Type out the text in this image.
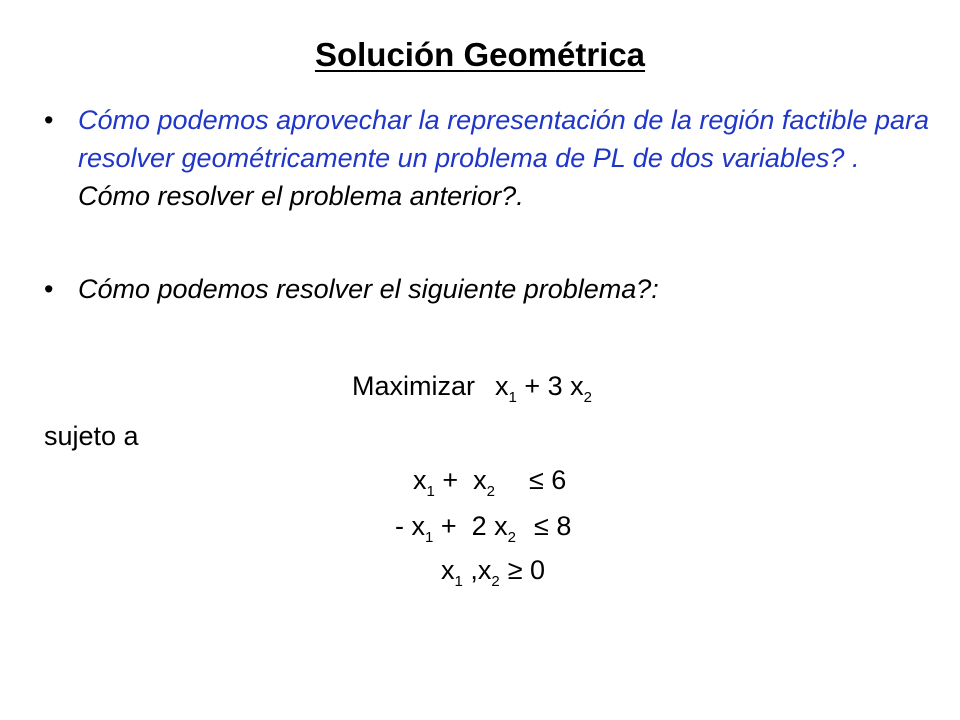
Solución Geométrica
• Cómo podemos aprovechar la representación de la región factible para resolver geométricamente un problema de PL de dos variables? . Cómo resolver el problema anterior?.
• Cómo podemos resolver el siguiente problema?:
Maximizar $x_1 + 3$ $x_2$
sujeto a
$x_1 + x_2 \le 6$
- $x_1 + 2$ $x_2 \le 8$
$x_1$ $,x_2 \ge 0$
